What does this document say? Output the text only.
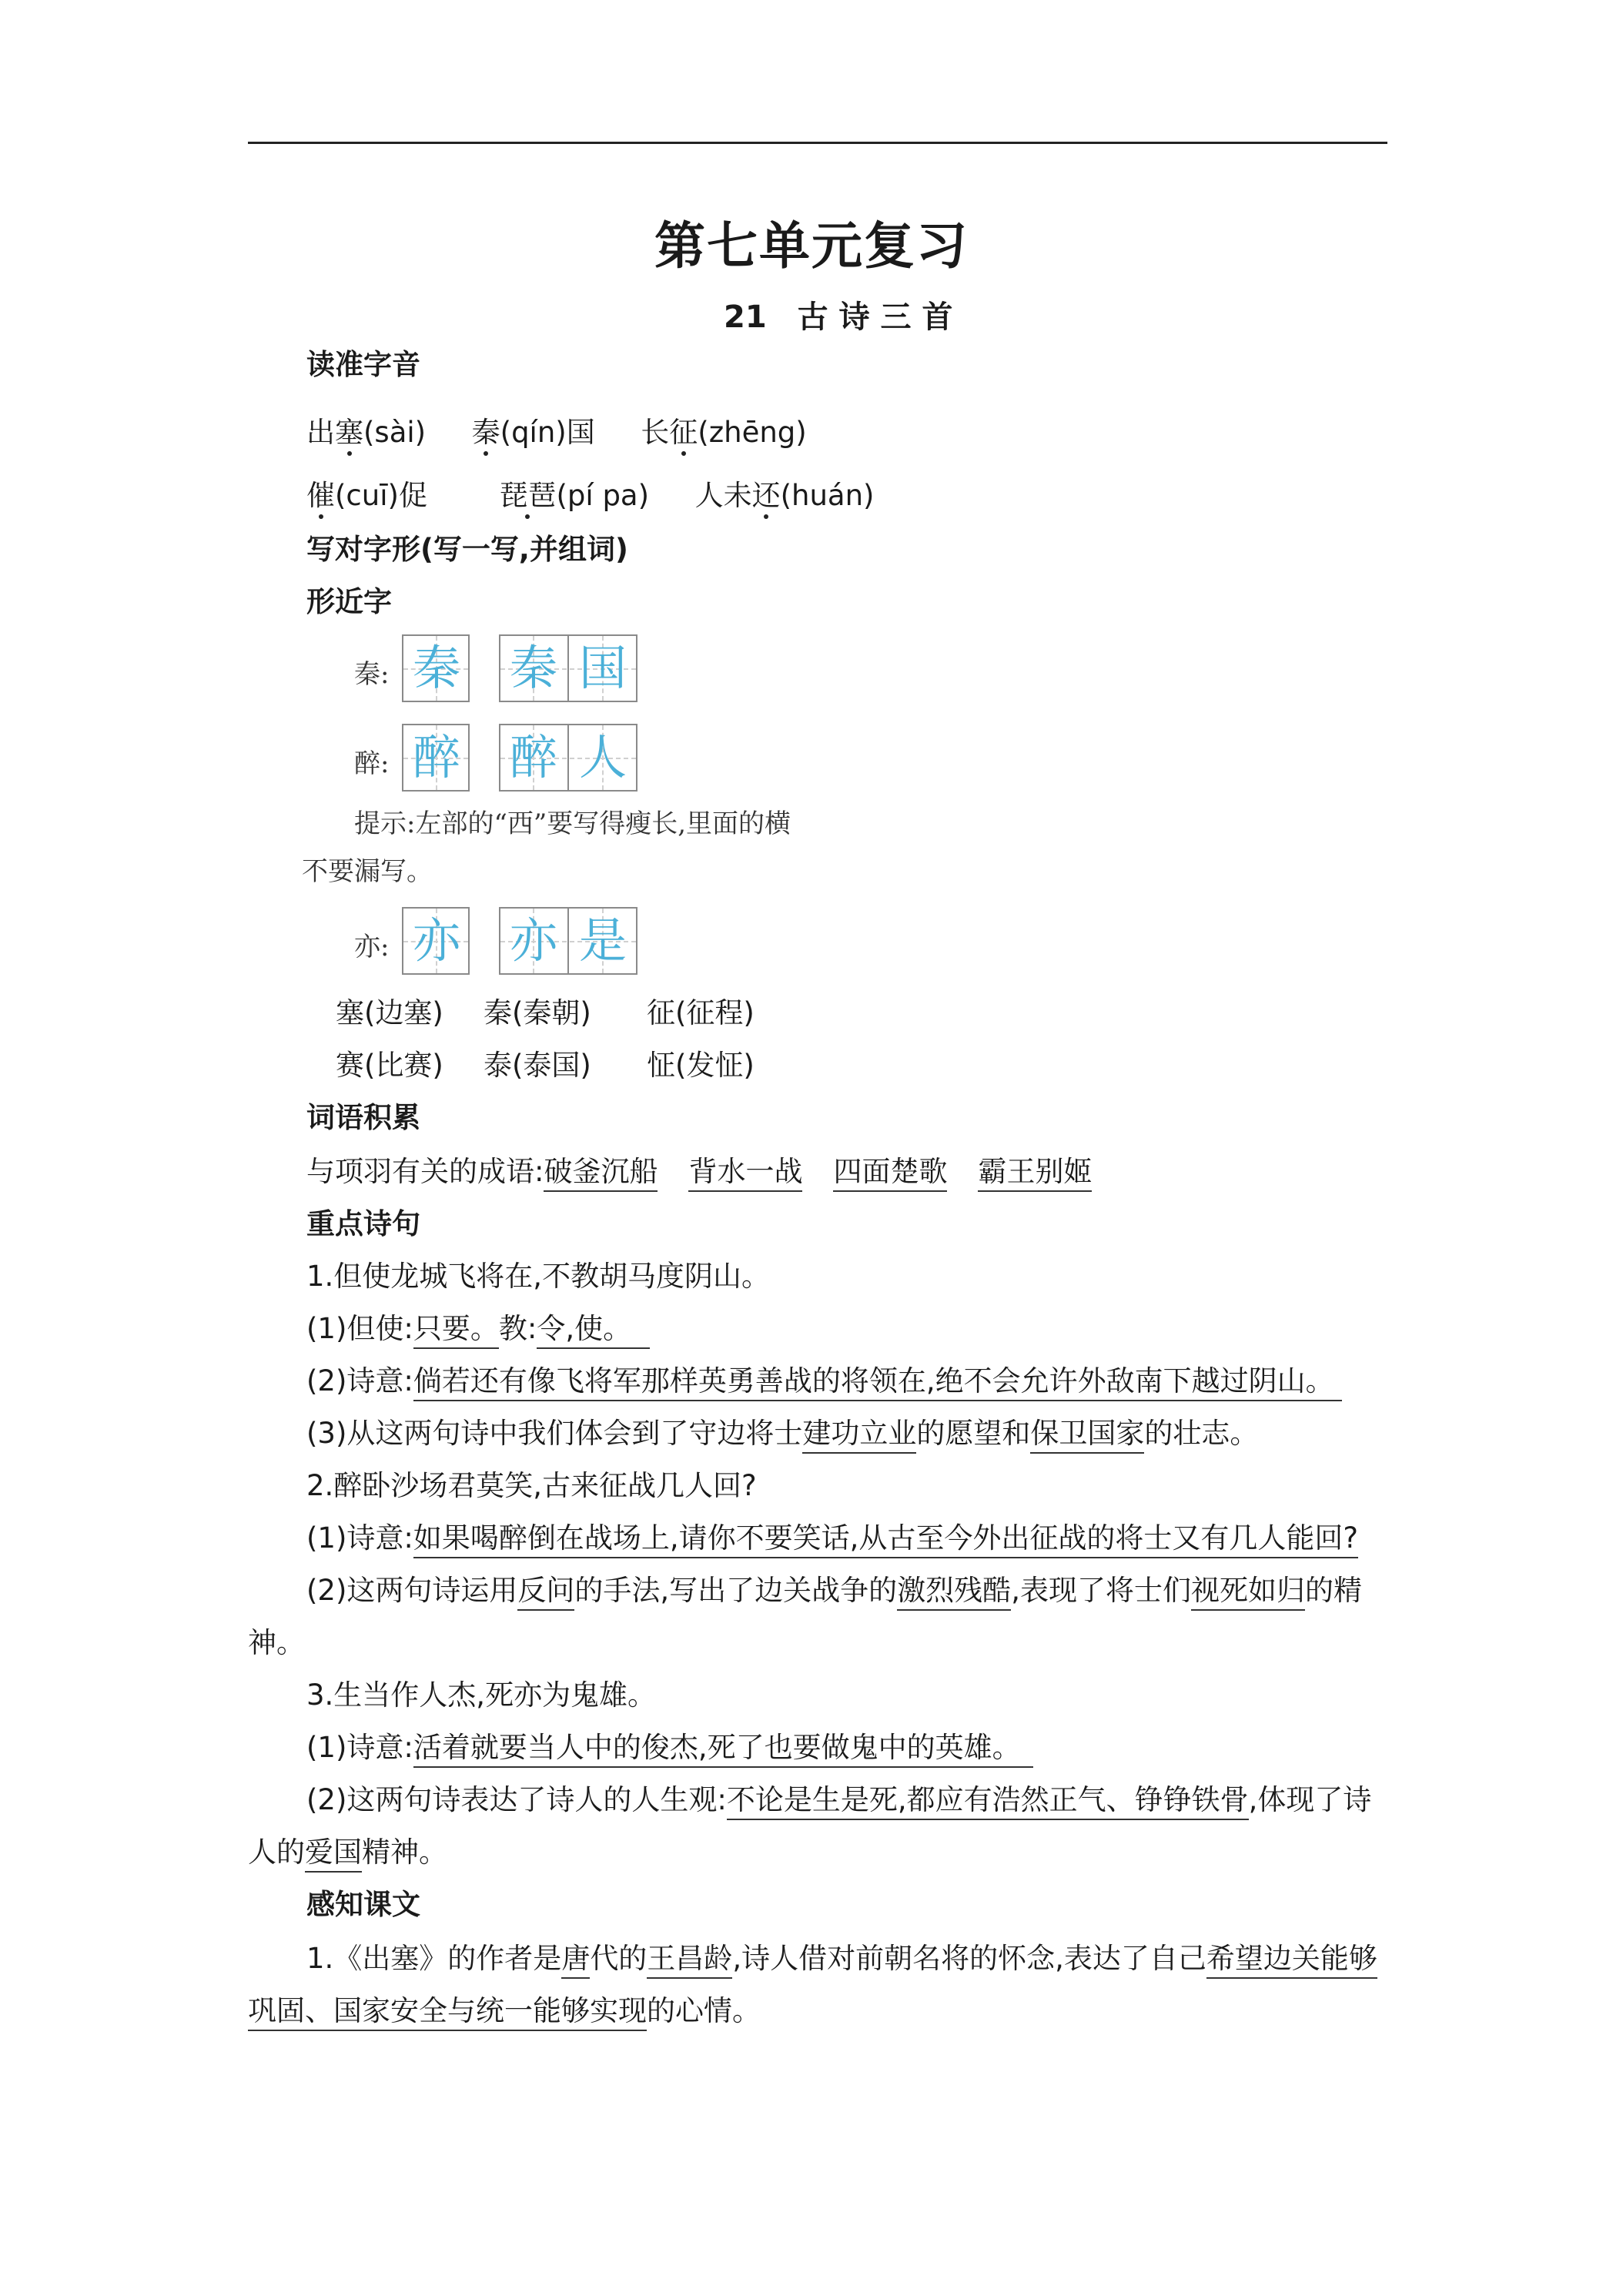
第七单元复习
21　古 诗 三 首
读准字音
出塞(sài) 秦(qín)国 长征(zhēng)
催(cuī)促	琵琶(pí pa) 人未还(huán)
写对字形(写一写,并组词)
形近字
秦: 秦 秦 国
醉: 醉 醉 人
提示:左部的“西”要写得瘦长,里面的横
不要漏写。
亦: 亦 亦 是
塞(边塞) 秦(秦朝) 征(征程)
赛(比赛) 泰(泰国) 怔(发怔)
词语积累
与项羽有关的成语:破釜沉船 背水一战 四面楚歌 霸王别姬
重点诗句
1.但使龙城飞将在,不教胡马度阴山。
(1)但使:只要。教:令,使。
(2)诗意:倘若还有像飞将军那样英勇善战的将领在,绝不会允许外敌南下越过阴山。
(3)从这两句诗中我们体会到了守边将士建功立业的愿望和保卫国家的壮志。
2.醉卧沙场君莫笑,古来征战几人回?
(1)诗意:如果喝醉倒在战场上,请你不要笑话,从古至今外出征战的将士又有几人能回?
(2)这两句诗运用反问的手法,写出了边关战争的激烈残酷,表现了将士们视死如归的精
神。
3.生当作人杰,死亦为鬼雄。
(1)诗意:活着就要当人中的俊杰,死了也要做鬼中的英雄。
(2)这两句诗表达了诗人的人生观:不论是生是死,都应有浩然正气、铮铮铁骨,体现了诗
人的爱国精神。
感知课文
1.《出塞》的作者是唐代的王昌龄,诗人借对前朝名将的怀念,表达了自己希望边关能够
巩固、国家安全与统一能够实现的心情。
